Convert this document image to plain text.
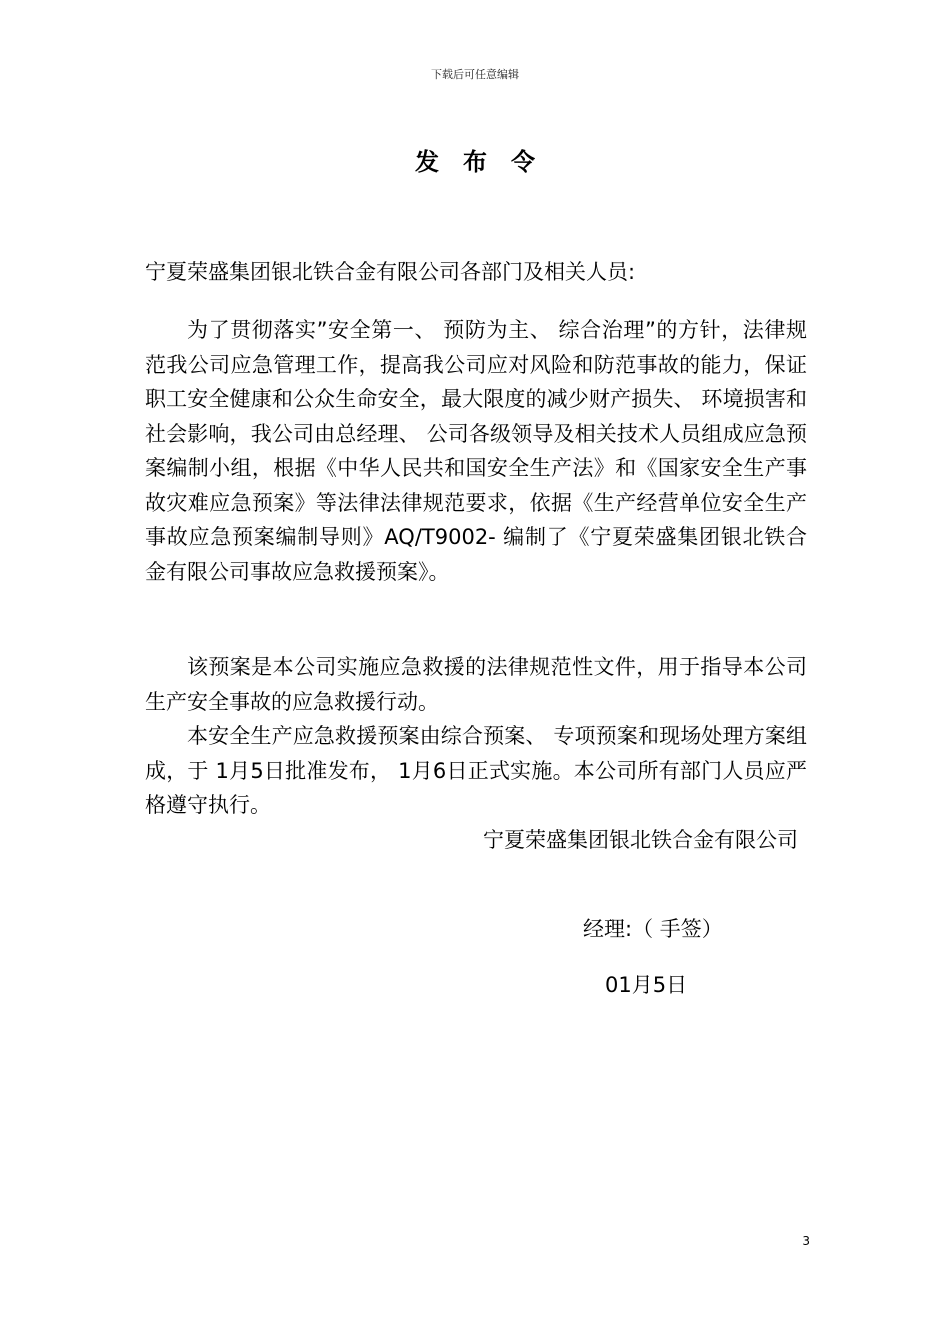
下载后可任意编辑
发布令
宁夏荣盛集团银北铁合金有限公司各部门及相关人员:

为了贯彻落实”安全第一、 预防为主、 综合治理”的方针，法律规范我公司应急管理工作，提高我公司应对风险和防范事故的能力，保证职工安全健康和公众生命安全，最大限度的减少财产损失、 环境损害和社会影响，我公司由总经理、 公司各级领导及相关技术人员组成应急预案编制小组，根据《中华人民共和国安全生产法》和《国家安全生产事故灾难应急预案》等法律法律规范要求，依据《生产经营单位安全生产事故应急预案编制导则》AQ/T9002- 编制了《宁夏荣盛集团银北铁合金有限公司事故应急救援预案》。

该预案是本公司实施应急救援的法律规范性文件，用于指导本公司生产安全事故的应急救援行动。

本安全生产应急救援预案由综合预案、 专项预案和现场处理方案组成，于 1月5日批准发布， 1月6日正式实施。本公司所有部门人员应严格遵守执行。

宁夏荣盛集团银北铁合金有限公司
经理:（ 手签）
01月5日
3
